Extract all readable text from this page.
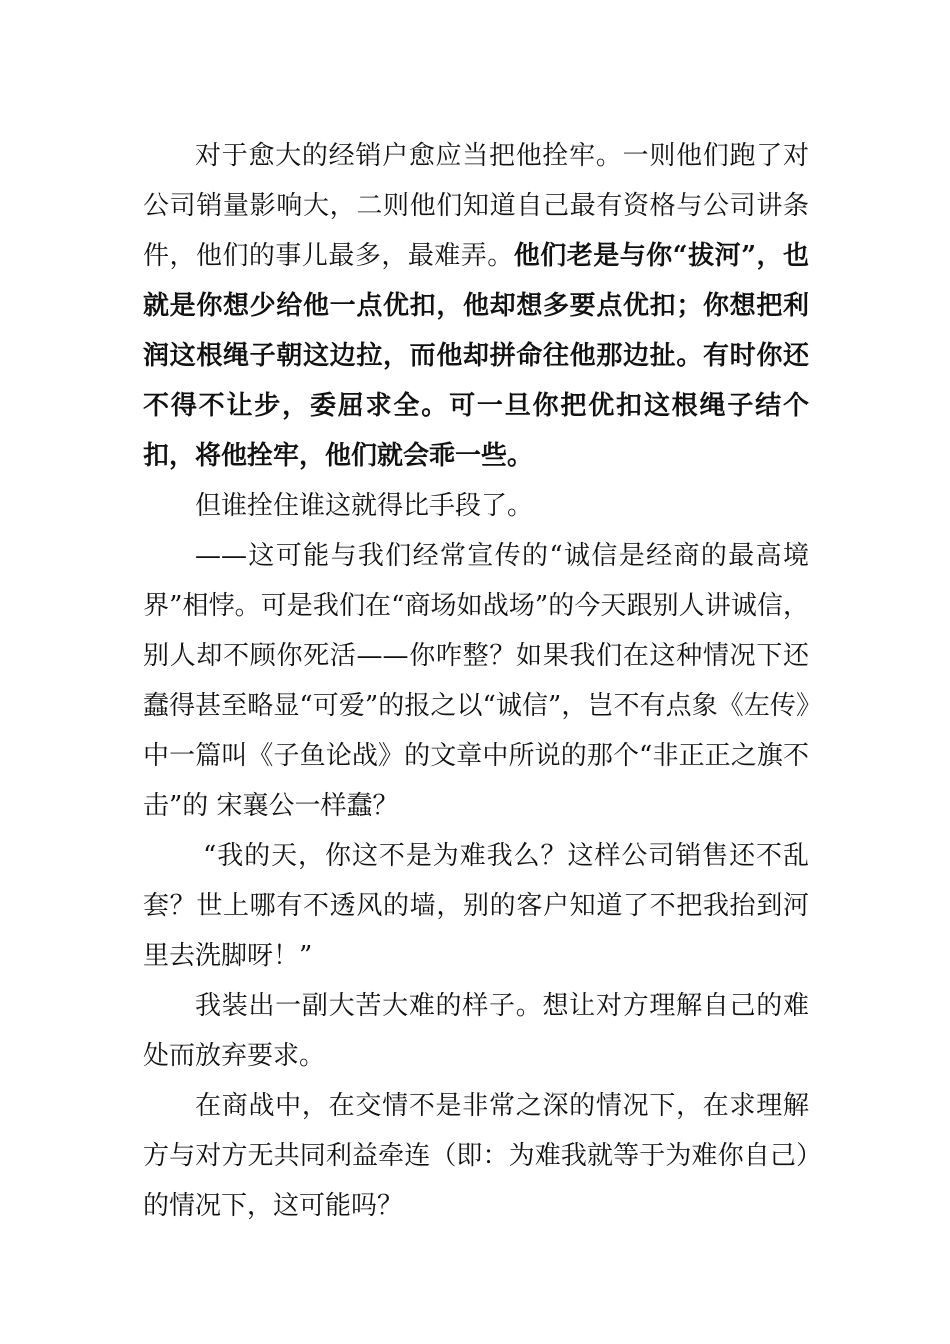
对于愈大的经销户愈应当把他拴牢。一则他们跑了对公司销量影响大，二则他们知道自己最有资格与公司讲条件，他们的事儿最多，最难弄。他们老是与你“拔河”，也就是你想少给他一点优扣，他却想多要点优扣；你想把利润这根绳子朝这边拉，而他却拼命往他那边扯。有时你还不得不让步，委屈求全。可一旦你把优扣这根绳子结个扣，将他拴牢，他们就会乖一些。

但谁拴住谁这就得比手段了。

——这可能与我们经常宣传的“诚信是经商的最高境界”相悖。可是我们在“商场如战场”的今天跟别人讲诚信，别人却不顾你死活——你咋整？如果我们在这种情况下还蠢得甚至略显“可爱”的报之以“诚信”，岂不有点象《左传》中一篇叫《子鱼论战》的文章中所说的那个“非正正之旗不击”的 宋襄公一样蠢？

“我的天，你这不是为难我么？这样公司销售还不乱套？世上哪有不透风的墙，别的客户知道了不把我抬到河里去洗脚呀！”

我装出一副大苦大难的样子。想让对方理解自己的难处而放弃要求。

在商战中，在交情不是非常之深的情况下，在求理解方与对方无共同利益牵连（即：为难我就等于为难你自己）的情况下，这可能吗？
